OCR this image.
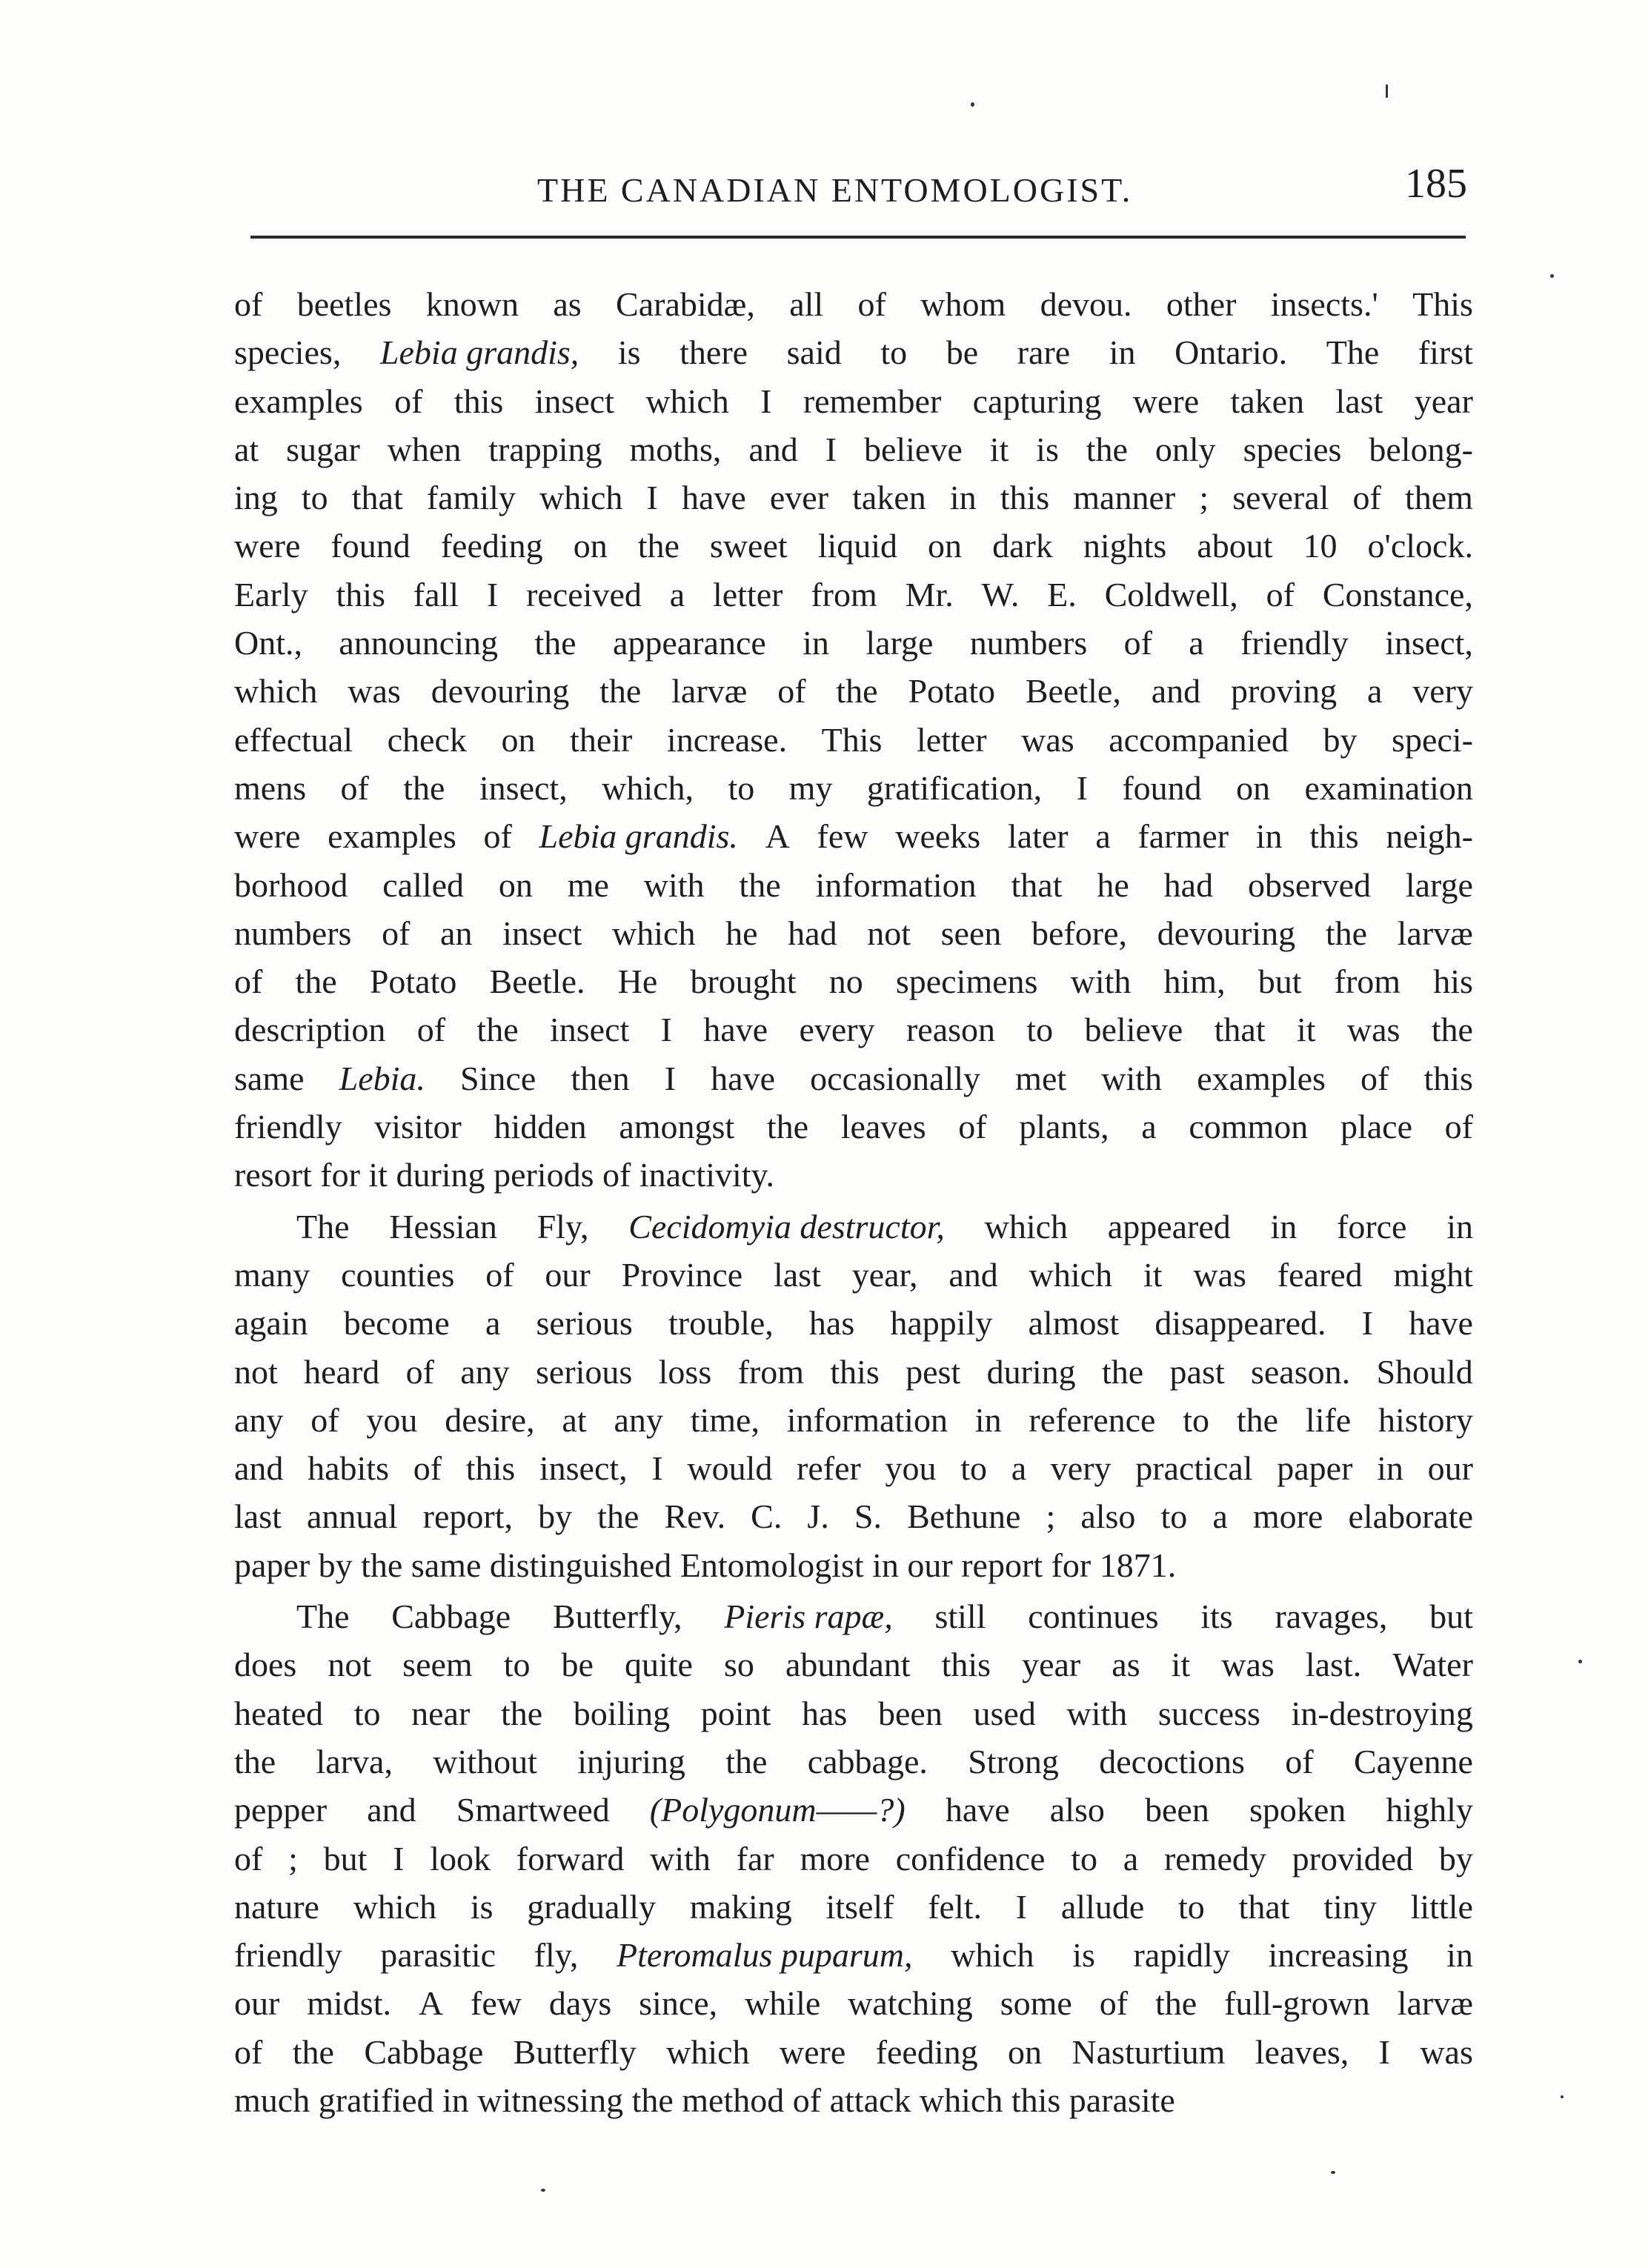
THE CANADIAN ENTOMOLOGIST.	185
of beetles known as Carabidæ, all of whom devou. other insects.' This
species, Lebia grandis, is there said to be rare in Ontario. The first
examples of this insect which I remember capturing were taken last year
at sugar when trapping moths, and I believe it is the only species belong-
ing to that family which I have ever taken in this manner ; several of them
were found feeding on the sweet liquid on dark nights about 10 o'clock.
Early this fall I received a letter from Mr. W. E. Coldwell, of Constance,
Ont., announcing the appearance in large numbers of a friendly insect,
which was devouring the larvæ of the Potato Beetle, and proving a very
effectual check on their increase. This letter was accompanied by speci-
mens of the insect, which, to my gratification, I found on examination
were examples of Lebia grandis. A few weeks later a farmer in this neigh-
borhood called on me with the information that he had observed large
numbers of an insect which he had not seen before, devouring the larvæ
of the Potato Beetle. He brought no specimens with him, but from his
description of the insect I have every reason to believe that it was the
same Lebia. Since then I have occasionally met with examples of this
friendly visitor hidden amongst the leaves of plants, a common place of
resort for it during periods of inactivity.
The Hessian Fly, Cecidomyia destructor, which appeared in force in
many counties of our Province last year, and which it was feared might
again become a serious trouble, has happily almost disappeared. I have
not heard of any serious loss from this pest during the past season. Should
any of you desire, at any time, information in reference to the life history
and habits of this insect, I would refer you to a very practical paper in our
last annual report, by the Rev. C. J. S. Bethune ; also to a more elaborate
paper by the same distinguished Entomologist in our report for 1871.
The Cabbage Butterfly, Pieris rapæ, still continues its ravages, but
does not seem to be quite so abundant this year as it was last. Water
heated to near the boiling point has been used with success in-destroying
the larva, without injuring the cabbage. Strong decoctions of Cayenne
pepper and Smartweed (Polygonum——?) have also been spoken highly
of ; but I look forward with far more confidence to a remedy provided by
nature which is gradually making itself felt. I allude to that tiny little
friendly parasitic fly, Pteromalus puparum, which is rapidly increasing in
our midst. A few days since, while watching some of the full-grown larvæ
of the Cabbage Butterfly which were feeding on Nasturtium leaves, I was
much gratified in witnessing the method of attack which this parasite
